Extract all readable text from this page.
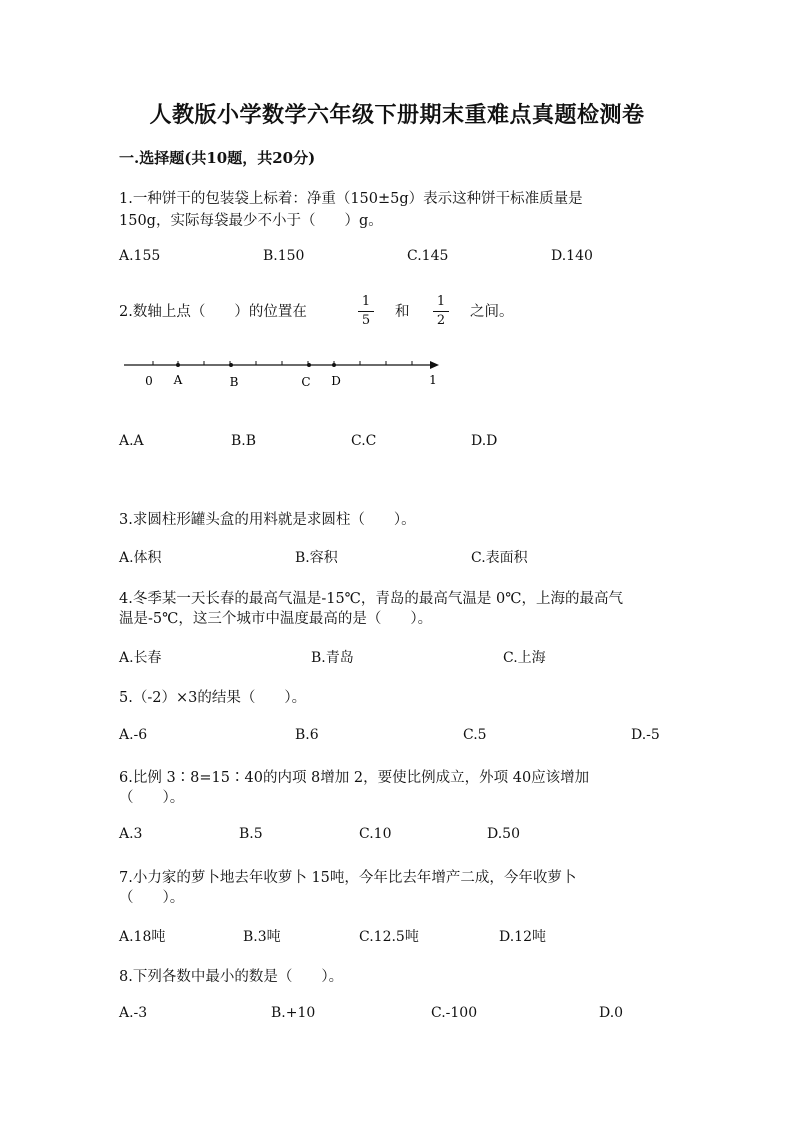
人教版小学数学六年级下册期末重难点真题检测卷
一.选择题(共10题，共20分)
1.一种饼干的包装袋上标着：净重（150±5g）表示这种饼干标准质量是
150g，实际每袋最少不小于（　　）g。
A.155	B.150	C.145	D.140
2.数轴上点（　　）的位置在
1
5
和
1
2
之间。
0 A	B	C D	1
A.A	B.B	C.C	D.D
3.求圆柱形罐头盒的用料就是求圆柱（　　）。
A.体积	B.容积	C.表面积
4.冬季某一天长春的最高气温是-15℃，青岛的最高气温是 0℃，上海的最高气
温是-5℃，这三个城市中温度最高的是（　　）。
A.长春	B.青岛	C.上海
5.（-2）×3的结果（　　）。
A.-6	B.6	C.5	D.-5
6.比例 3∶8=15∶40的内项 8增加 2，要使比例成立，外项 40应该增加
（　　）。
A.3	B.5	C.10	D.50
7.小力家的萝卜地去年收萝卜 15吨，今年比去年增产二成，今年收萝卜
（　　）。
A.18吨	B.3吨	C.12.5吨	D.12吨
8.下列各数中最小的数是（　　）。
A.-3	B.+10	C.-100	D.0
